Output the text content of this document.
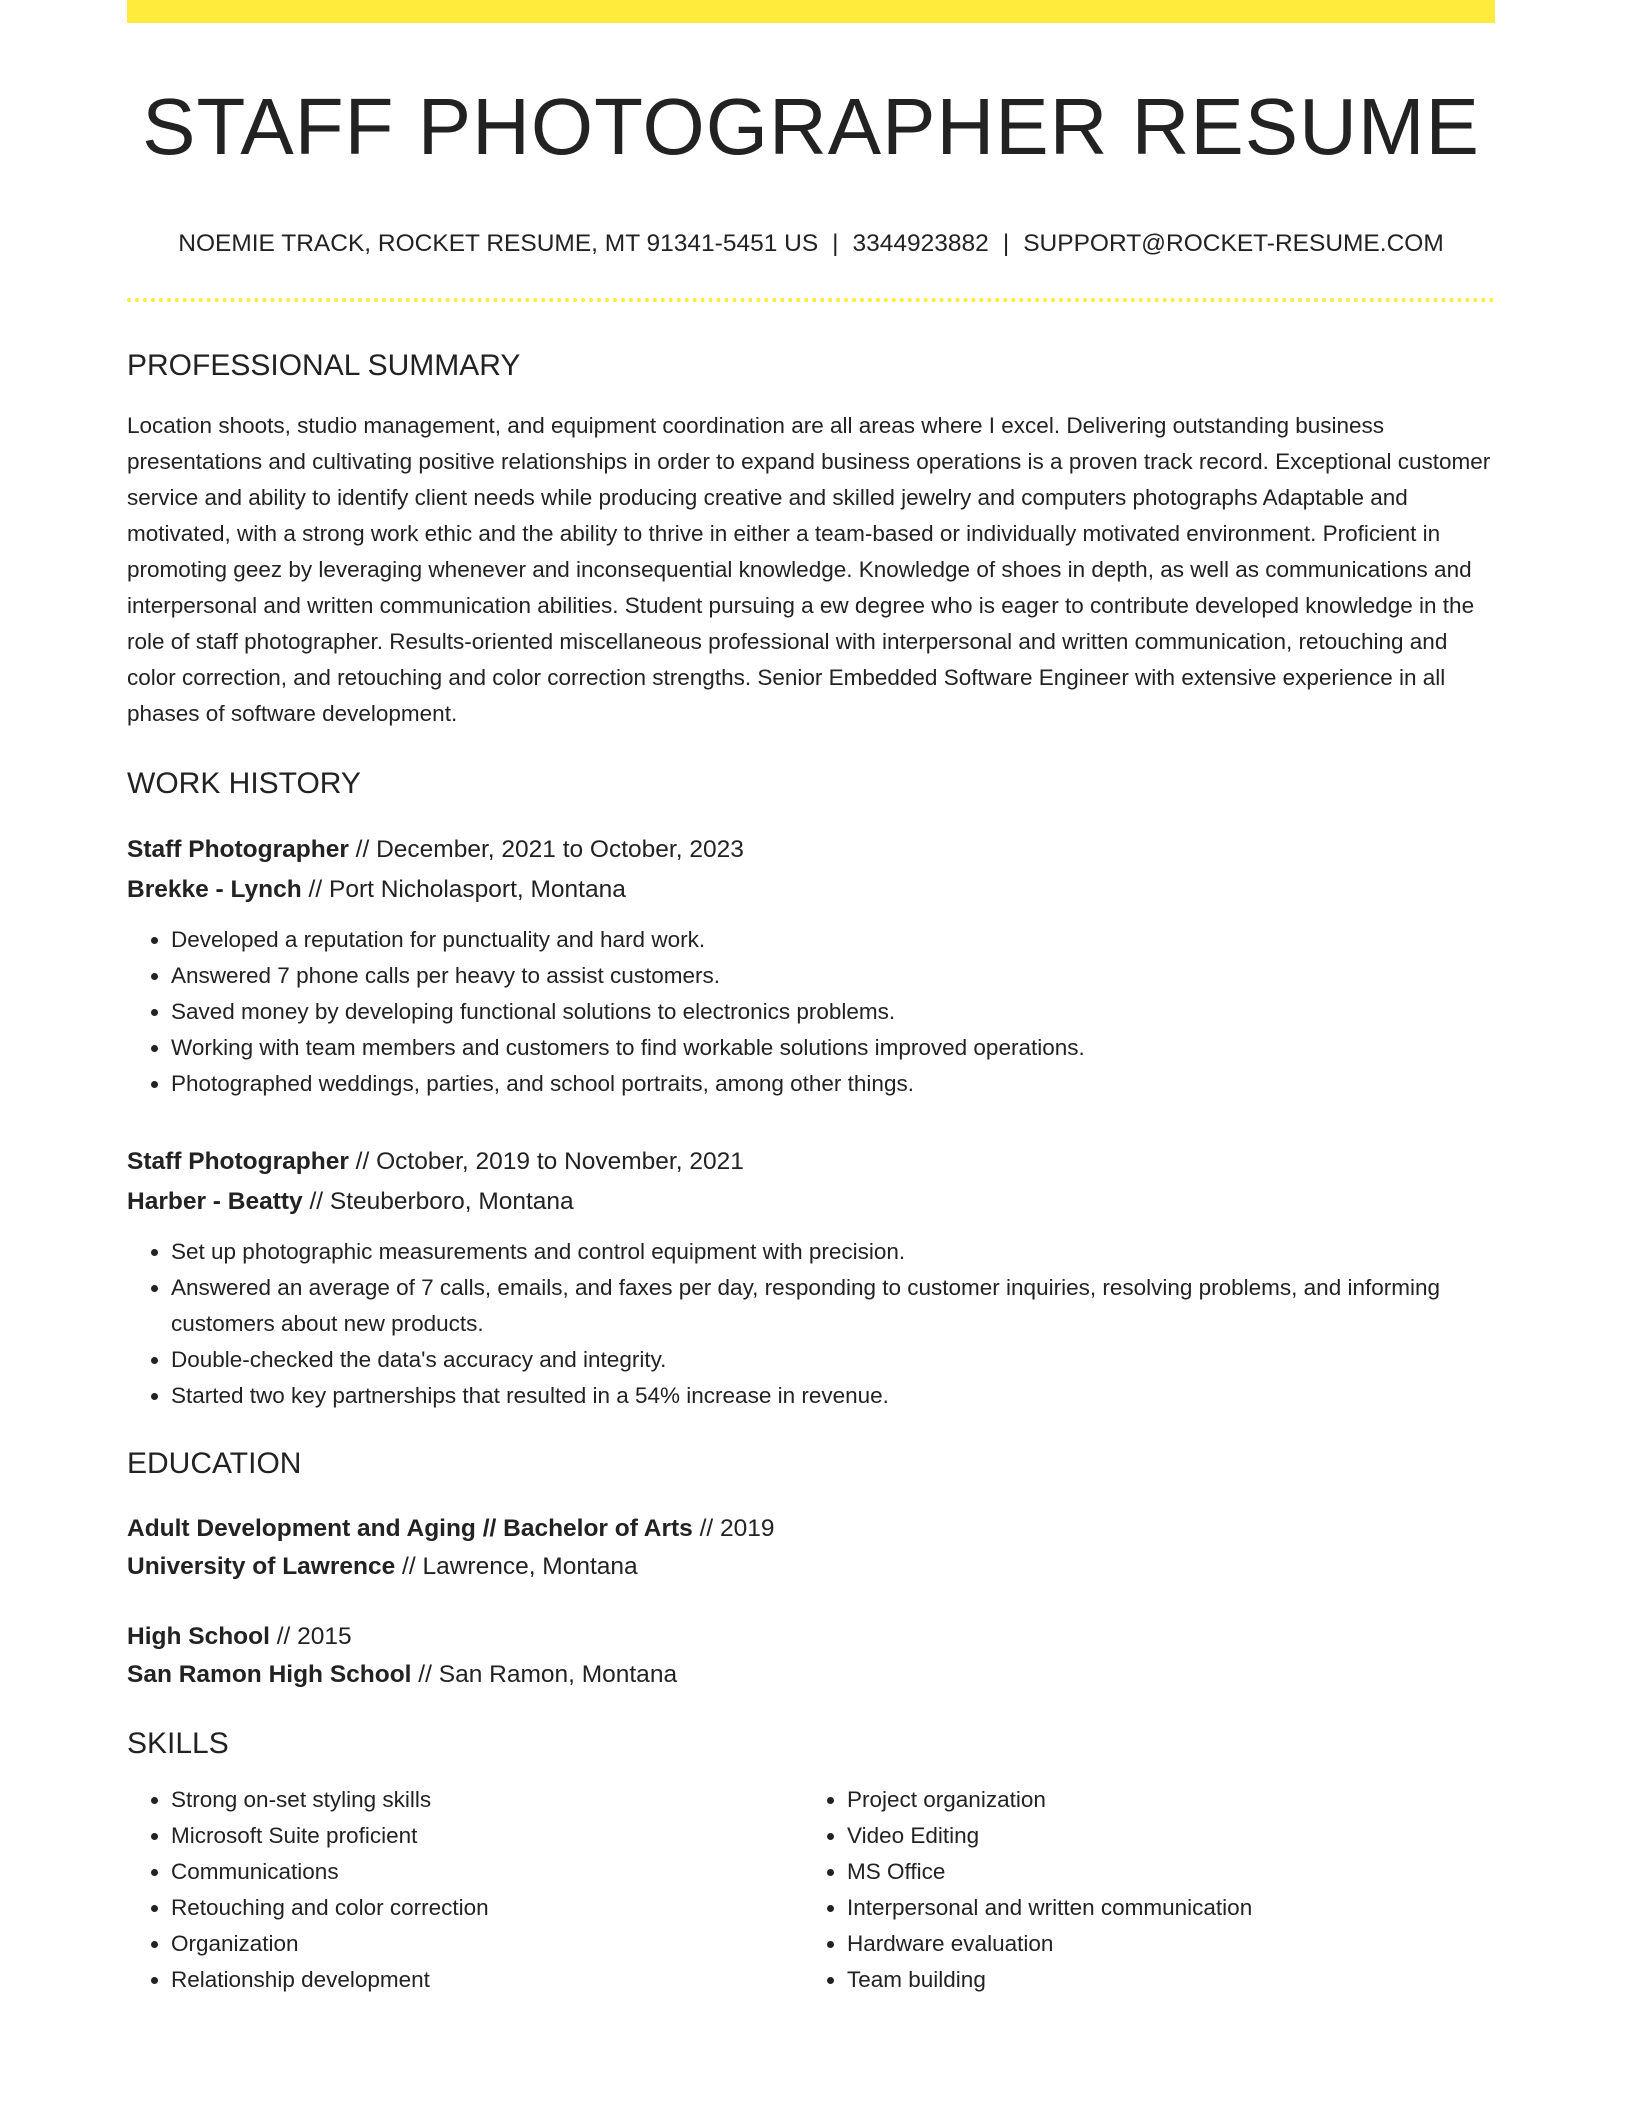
STAFF PHOTOGRAPHER RESUME
NOEMIE TRACK, ROCKET RESUME, MT 91341-5451 US | 3344923882 | SUPPORT@ROCKET-RESUME.COM
PROFESSIONAL SUMMARY

Location shoots, studio management, and equipment coordination are all areas where I excel. Delivering outstanding business presentations and cultivating positive relationships in order to expand business operations is a proven track record. Exceptional customer service and ability to identify client needs while producing creative and skilled jewelry and computers photographs Adaptable and motivated, with a strong work ethic and the ability to thrive in either a team-based or individually motivated environment. Proficient in promoting geez by leveraging whenever and inconsequential knowledge. Knowledge of shoes in depth, as well as communications and interpersonal and written communication abilities. Student pursuing a ew degree who is eager to contribute developed knowledge in the role of staff photographer. Results-oriented miscellaneous professional with interpersonal and written communication, retouching and color correction, and retouching and color correction strengths. Senior Embedded Software Engineer with extensive experience in all phases of software development.

WORK HISTORY
Staff Photographer // December, 2021 to October, 2023
Brekke - Lynch // Port Nicholasport, Montana
• Developed a reputation for punctuality and hard work.
• Answered 7 phone calls per heavy to assist customers.
• Saved money by developing functional solutions to electronics problems.
• Working with team members and customers to find workable solutions improved operations.
• Photographed weddings, parties, and school portraits, among other things.
Staff Photographer // October, 2019 to November, 2021
Harber - Beatty // Steuberboro, Montana
• Set up photographic measurements and control equipment with precision.
• Answered an average of 7 calls, emails, and faxes per day, responding to customer inquiries, resolving problems, and informing customers about new products.
• Double-checked the data's accuracy and integrity.
• Started two key partnerships that resulted in a 54% increase in revenue.
EDUCATION
Adult Development and Aging // Bachelor of Arts // 2019
University of Lawrence // Lawrence, Montana
High School // 2015
San Ramon High School // San Ramon, Montana
SKILLS
• Strong on-set styling skills
• Microsoft Suite proficient
• Communications
• Retouching and color correction
• Organization
• Relationship development
• Project organization
• Video Editing
• MS Office
• Interpersonal and written communication
• Hardware evaluation
• Team building
